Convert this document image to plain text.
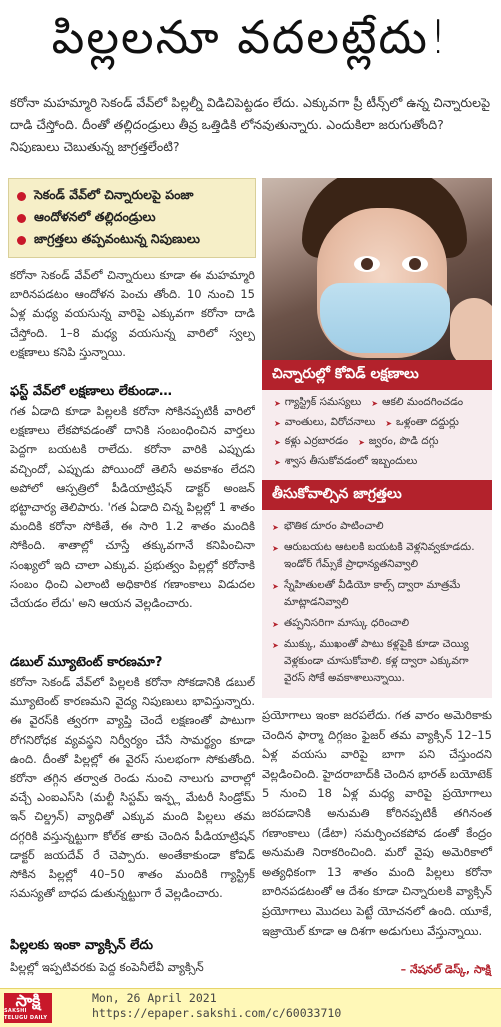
పిల్లలనూ వదలట్లేదు!
కరోనా మహమ్మారి సెకండ్ వేవ్‌లో పిల్లల్నీ విడిచిపెట్టడం లేదు. ఎక్కువగా ప్రీ టీన్స్‌లో ఉన్న చిన్నారులపై దాడి చేస్తోంది. దీంతో తల్లిదండ్రులు తీవ్ర ఒత్తిడికి లోనవుతున్నారు. ఎందుకిలా జరుగుతోంది? నిపుణులు చెబుతున్న జాగ్రత్తలేంటి?
సెకండ్ వేవ్‌లో చిన్నారులపై పంజా
ఆందోళనలో తల్లిదండ్రులు
జాగ్రత్తలు తప్పవంటున్న నిపుణులు
కరోనా సెకండ్ వేవ్‌లో చిన్నారులు కూడా ఈ మహమ్మారి బారినపడటం ఆందోళన పెంచు తోంది. 10 నుంచి 15 ఏళ్ల మధ్య వయసున్న వారిపై ఎక్కువగా కరోనా దాడి చేస్తోంది. 1–8 మధ్య వయసున్న వారిలో స్వల్ప లక్షణాలు కనిపి స్తున్నాయి.
ఫస్ట్ వేవ్‌లో లక్షణాలు లేకుండా…
గత ఏడాది కూడా పిల్లలకి కరోనా సోకినప్పటికీ వారిలో లక్షణాలు లేకపోవడంతో దానికి సంబంధించిన వార్తలు పెద్దగా బయటకి రాలేదు. కరోనా వారికి ఎప్పుడు వచ్చిందో, ఎప్పుడు పోయిందో తెలిసే అవకాశం లేదని అపోలో ఆస్పత్రిలో పీడియాట్రిషన్ డాక్టర్ అంజన్ భట్టాచార్య తెలిపారు. 'గత ఏడాది చిన్న పిల్లల్లో 1 శాతం మందికి కరోనా సోకితే, ఈ సారి 1.2 శాతం మందికి సోకింది. శాతాల్లో చూస్తే తక్కువగానే కనిపించినా సంఖ్యలో ఇది చాలా ఎక్కువ. ప్రభుత్వం పిల్లల్లో కరోనాకి సంబం ధించి ఎలాంటి అధికారిక గణాంకాలు విడుదల చేయడం లేదు' అని ఆయన వెల్లడించారు.
డబుల్ మ్యూటెంట్ కారణమా?
కరోనా సెకండ్ వేవ్‌లో పిల్లలకి కరోనా సోకడానికి డబుల్ మ్యూటెంట్ కారణమని వైద్య నిపుణులు భావిస్తున్నారు. ఈ వైరస్‌కి త్వరగా వ్యాప్తి చెందే లక్షణంతో పాటుగా రోగనిరోధక వ్యవస్థని నిర్వీర్యం చేసే సామర్థ్యం కూడా ఉంది. దీంతో పిల్లల్లో ఈ వైరస్ సులభంగా సోకుతోంది. కరోనా తగ్గిన తర్వాత రెండు నుంచి నాలుగు వారాల్లో వచ్చే ఎంఐఎస్‌సి (మల్టీ సిస్టమ్ ఇన్ఫ్ల మేటరీ సిండ్రోమ్ ఇన్ చిల్డ్రన్) వ్యాధితో ఎక్కువ మంది పిల్లలు తమ దగ్గరికి వస్తున్నట్టుగా కోల్‌క తాకు చెందిన పీడియాట్రిషన్ డాక్టర్ జయదేవ్ రే చెప్పారు. అంతేకాకుండా కోవిడ్ సోకిన పిల్లల్లో 40–50 శాతం మందికి గ్యాస్ట్రిక్ సమస్యతో బాధప డుతున్నట్టుగా రే వెల్లడించారు.
పిల్లలకు ఇంకా వ్యాక్సిన్ లేదు
పిల్లల్లో ఇప్పటివరకు పెద్ద కంపెనీలేవీ వ్యాక్సిన్
చిన్నారుల్లో కోవిడ్ లక్షణాలు
➤ గ్యాస్ట్రిక్ సమస్యలు	➤ ఆకలి మందగించడం
➤ వాంతులు, విరోచనాలు	➤ ఒళ్లంతా దద్దుర్లు
➤ కళ్లు ఎర్రబారడం	➤ జ్వరం, పొడి దగ్గు
➤ శ్వాస తీసుకోవడంలో ఇబ్బందులు
తీసుకోవాల్సిన జాగ్రత్తలు
➤ భౌతిక దూరం పాటించాలి
➤ ఆరుబయట ఆటలకి బయటకి వెళ్లనివ్వకూడదు. ఇండోర్ గేమ్స్‌కే ప్రాధాన్యతనివ్వాలి
➤ స్నేహితులతో వీడియో కాల్స్ ద్వారా మాత్రమే మాట్లాడనివ్వాలి
➤ తప్పనిసరిగా మాస్కు ధరించాలి
➤ ముక్కు, ముఖంతో పాటు కళ్లపైకి కూడా చెయ్యి వెళ్లకుండా చూసుకోవాలి. కళ్ల ద్వారా ఎక్కువగా వైరస్ సోకే అవకాశాలున్నాయి.
ప్రయోగాలు ఇంకా జరపలేదు. గత వారం అమెరికాకు చెందిన ఫార్మా దిగ్గజం ఫైజర్ తమ వ్యాక్సిన్ 12–15 ఏళ్ల వయసు వారిపై బాగా పని చేస్తుందని వెల్లడించింది. హైదరాబాద్‌కి చెందిన భారత్ బయోటెక్ 5 నుంచి 18 ఏళ్ల మధ్య వారిపై ప్రయోగాలు జరపడానికి అనుమతి కోరినప్పటికీ తగినంత గణాంకాలు (డేటా) సమర్పించకపోవ డంతో కేంద్రం అనుమతి నిరాకరించింది. మరో వైపు అమెరికాలో అత్యధికంగా 13 శాతం మంది పిల్లలు కరోనా బారినపడటంతో ఆ దేశం కూడా చిన్నారులకి వ్యాక్సిన్ ప్రయోగాలు మొదలు పెట్టే యోచనలో ఉంది. యూకే, ఇజ్రాయెల్ కూడా ఆ దిశగా అడుగులు వేస్తున్నాయి.
– నేషనల్ డెస్క్, సాక్షి
సాక్షి
SAKSHI TELUGU DAILY
Mon, 26 April 2021
https://epaper.sakshi.com/c/60033710
